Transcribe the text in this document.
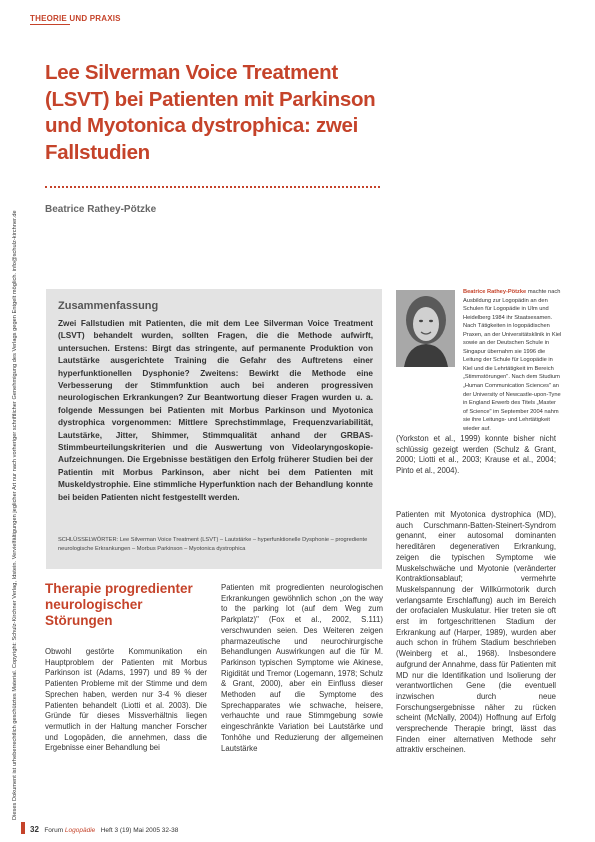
Dieses Dokument ist urheberrechtlich geschütztes Material. Copyright: Schulz-Kirchner Verlag, Idstein. Vervielfältigungen jeglicher Art nur nach vorheriger schriftlicher Genehmigung des Verlags gegen Entgelt möglich. info@schulz-kirchner.de
THEORIE UND PRAXIS
Lee Silverman Voice Treatment (LSVT) bei Patienten mit Parkinson und Myotonica dystrophica: zwei Fallstudien
Beatrice Rathey-Pötzke
Zusammenfassung
Zwei Fallstudien mit Patienten, die mit dem Lee Silverman Voice Treatment (LSVT) behandelt wurden, sollten Fragen, die die Methode aufwirft, untersuchen. Erstens: Birgt das stringente, auf permanente Produktion von Lautstärke ausgerichtete Training die Gefahr des Auftretens einer hyperfunktionellen Dysphonie? Zweitens: Bewirkt die Methode eine Verbesserung der Stimmfunktion auch bei anderen progressiven neurologischen Erkrankungen? Zur Beantwortung dieser Fragen wurden u. a. folgende Messungen bei Patienten mit Morbus Parkinson und Myotonica dystrophica vorgenommen: Mittlere Sprechstimmlage, Frequenzvariabilität, Lautstärke, Jitter, Shimmer, Stimmqualität anhand der GRBAS-Stimmbeurteilungskriterien und die Auswertung von Videolaryngoskopie-Aufzeichnungen. Die Ergebnisse bestätigen den Erfolg früherer Studien bei der Patientin mit Morbus Parkinson, aber nicht bei dem Patienten mit Muskeldystrophie. Eine stimmliche Hyperfunktion nach der Behandlung konnte bei beiden Patienten nicht festgestellt werden.
SCHLÜSSELWÖRTER: Lee Silverman Voice Treatment (LSVT) – Lautstärke – hyperfunktionelle Dysphonie – progrediente neurologische Erkrankungen – Morbus Parkinson – Myotonica dystrophica
Beatrice Rathey-Pötzke machte nach Ausbildung zur Logopädin an den Schulen für Logopädie in Ulm und Heidelberg 1984 ihr Staatsexamen. Nach Tätigkeiten in logopädischen Praxen, an der Universitätsklinik in Kiel sowie an der Deutschen Schule in Singapur übernahm sie 1996 die Leitung der Schule für Logopädie in Kiel und die Lehrtätigkeit im Bereich „Stimmstörungen". Nach dem Studium „Human Communication Sciences" an der University of Newcastle-upon-Tyne in England Erwerb des Titels „Master of Science" im September 2004 nahm sie ihre Leitungs- und Lehrtätigkeit wieder auf.
(Yorkston et al., 1999) konnte bisher nicht schlüssig gezeigt werden (Schulz & Grant, 2000; Liotti et al., 2003; Krause et al., 2004; Pinto et al., 2004).
Patienten mit Myotonica dystrophica (MD), auch Curschmann-Batten-Steinert-Syndrom genannt, einer autosomal dominanten hereditären degenerativen Erkrankung, zeigen die typischen Symptome wie Muskelschwäche und Myotonie (veränderter Kontraktionsablauf; vermehrte Muskelspannung der Willkürmotorik durch verlangsamte Erschlaffung) auch im Bereich der orofacialen Muskulatur. Hier treten sie oft erst im fortgeschrittenen Stadium der Erkrankung auf (Harper, 1989), wurden aber auch schon in frühem Stadium beschrieben (Weinberg et al., 1968). Insbesondere aufgrund der Annahme, dass für Patienten mit MD nur die Identifikation und Isolierung der verantwortlichen Gene (die eventuell inzwischen durch neue Forschungsergebnisse näher zu rücken scheint (McNally, 2004)) Hoffnung auf Erfolg versprechende Therapie bringt, lässt das Finden einer alternativen Methode sehr attraktiv erscheinen.
Therapie progredienter neurologischer Störungen
Obwohl gestörte Kommunikation ein Hauptproblem der Patienten mit Morbus Parkinson ist (Adams, 1997) und 89 % der Patienten Probleme mit der Stimme und dem Sprechen haben, werden nur 3-4 % dieser Patienten behandelt (Liotti et al. 2003). Die Gründe für dieses Missverhältnis liegen vermutlich in der Haltung mancher Forscher und Logopäden, die annehmen, dass die Ergebnisse einer Behandlung bei
Patienten mit progredienten neurologischen Erkrankungen gewöhnlich schon „on the way to the parking lot (auf dem Weg zum Parkplatz)" (Fox et al., 2002, S.111) verschwunden seien. Des Weiteren zeigen pharmazeutische und neurochirurgische Behandlungen Auswirkungen auf die für M. Parkinson typischen Symptome wie Akinese, Rigidität und Tremor (Logemann, 1978; Schulz & Grant, 2000), aber ein Einfluss dieser Methoden auf die Symptome des Sprechapparates wie schwache, heisere, verhauchte und raue Stimmgebung sowie eingeschränkte Variation bei Lautstärke und Tonhöhe und Reduzierung der allgemeinen Lautstärke
32 Forum Logopädie Heft 3 (19) Mai 2005 32-38
